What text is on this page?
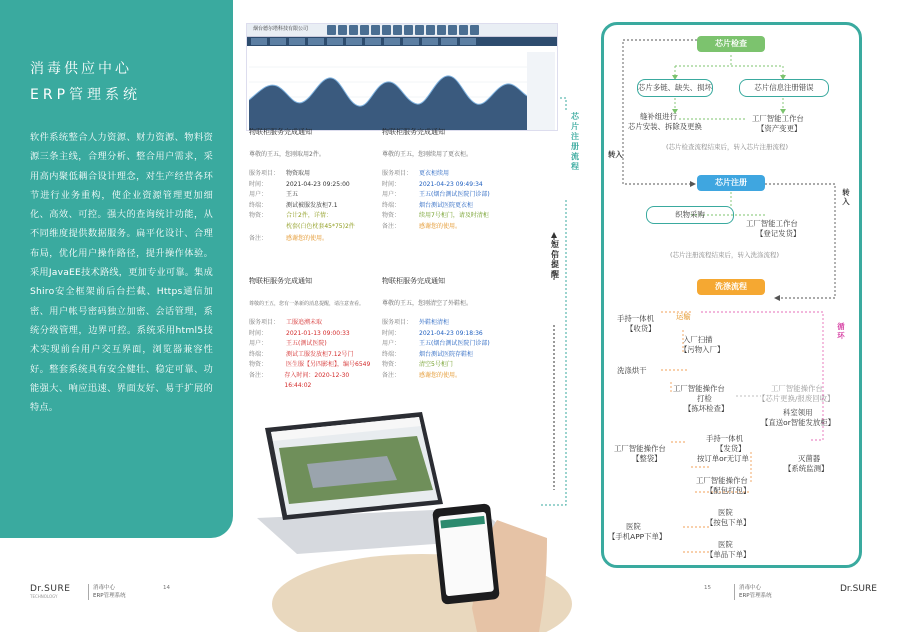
消毒供应中心
ERP管理系统
软件系统整合人力资源、财力资源、物料资源三条主线，合理分析、整合用户需求，采用高内聚低耦合设计理念，对生产经营各环节进行业务重构，使企业资源管理更加细化、高效、可控。强大的查询统计功能，从不同维度提供数据服务。扁平化设计、合理布局，优化用户操作路径，提升操作体验。采用JavaEE技术路线，更加专业可靠。集成Shiro安全框架前后台拦截、Https通信加密、用户帐号密码独立加密、会话管理，系统分级管理，边界可控。系统采用html5技术实现前台用户交互界面，浏览器兼容性好。整套系统具有安全健壮、稳定可靠、功能强大、响应迅速、界面友好、易于扩展的特点。
Dr.SURE
TECHNOLOGY
消毒中心
ERP管理系统
14	15	消毒中心
ERP管理系统
Dr.SURE
烟台德尔塔科技有限公司
物联柜服务完成通知
尊敬的王五，您刚取用2件。
服务项目：	物资取用
时间：	2021-04-23 09:25:00
用户：	王五
终端：	测试被服发放柜7.1
物资：	合计2件，详情：
枕套(白色枕套45*75)2件
备注：	感谢您的使用。
物联柜服务完成通知
尊敬的王五，您刚续用了更衣柜。
服务项目：	更衣柜续用
时间：	2021-04-23 09:49:34
用户：	王五(烟台测试医院门诊部)
终端：	烟台测试医院更衣柜
物资：	续用7号柜门，请及时清柜
备注：	感谢您的使用。
物联柜服务完成通知
尊敬的王五，您有一条新的消息提醒，请注意查看。
服务项目：	工服追溯未取
时间：	2021-01-13 09:00:33
用户：	王五(测试医院)
终端：	测试工服发放柜7.12号门
物资：	医生服【另四影柜】，编号6549
备注：	存入时间：2020-12-30 16:44:02
物联柜服务完成通知
尊敬的王五，您刚清空了外鞋柜。
服务项目：	外鞋柜清柜
时间：	2021-04-23 09:18:36
用户：	王五(烟台测试医院门诊部)
终端：	烟台测试医院存鞋柜
物资：	清空5号柜门
备注：	感谢您的使用。
短信提醒
芯片注册流程
芯片检查
芯片多链、缺失、损坏	芯片信息注册错误
缝补组进行
芯片安装、拆除及更换
工厂智能工作台
【资产变更】
(芯片检查流程结束后，转入芯片注册流程)
转入
芯片注册
织物采购
工厂智能工作台
【登记发货】
(芯片注册流程结束后，转入洗涤流程)
转入
洗涤流程
手持一体机
【收货】
运输
循环
入厂扫描
【污物入厂】
洗涤烘干
工厂智能操作台
打检
【拣坏检查】
工厂智能操作台
【芯片更换/报废回收】
科室领用
【直送or智能发放柜】
工厂智能操作台
【整袋】
手持一体机
【发货】
按订单or无订单	灭菌器
【系统监测】
工厂智能操作台
【配包打包】
医院
【按包下单】
医院
【手机APP下单】
医院
【单品下单】
